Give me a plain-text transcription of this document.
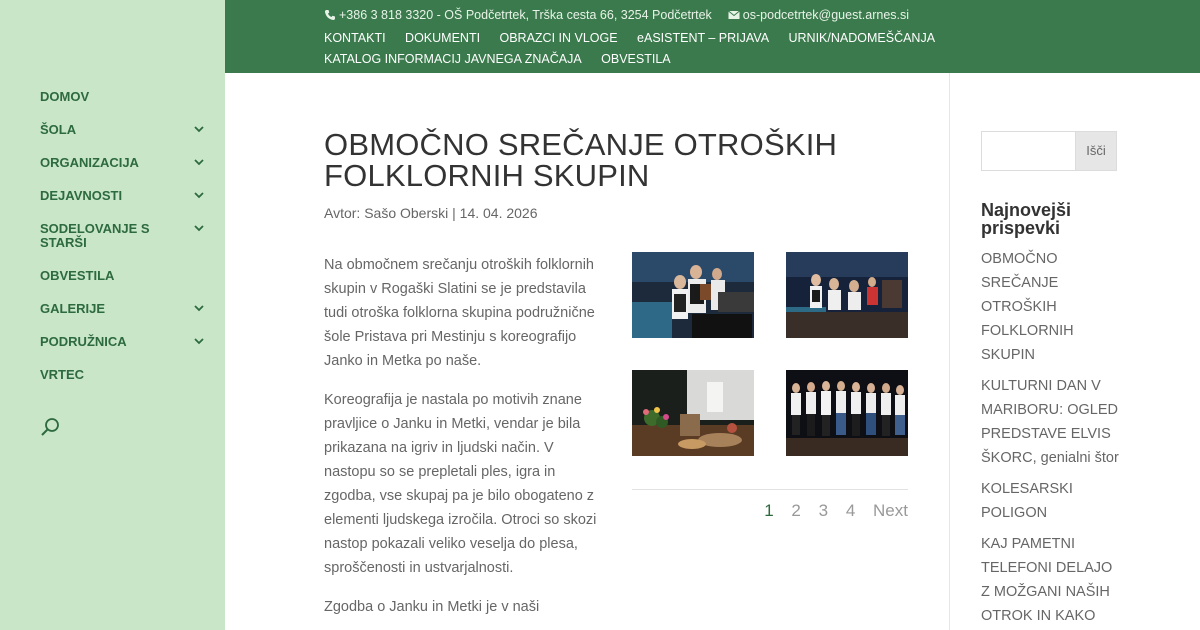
DOMOV
ŠOLA
ORGANIZACIJA
DEJAVNOSTI
SODELOVANJE S STARŠI
OBVESTILA
GALERIJE
PODRUŽNICA
VRTEC
+386 3 818 3320 - OŠ Podčetrtek, Trška cesta 66, 3254 Podčetrtek os-podcetrtek@guest.arnes.si
KONTAKTI DOKUMENTI OBRAZCI IN VLOGE eASISTENT – PRIJAVA URNIK/NADOMEŠČANJA KATALOG INFORMACIJ JAVNEGA ZNAČAJA OBVESTILA
OBMOČNO SREČANJE OTROŠKIH FOLKLORNIH SKUPIN
Avtor: Sašo Oberski | 14. 04. 2026

Na območnem srečanju otroških folklornih skupin v Rogaški Slatini se je predstavila tudi otroška folklorna skupina podružnične šole Pristava pri Mestinju s koreografijo Janko in Metka po naše.

Koreografija je nastala po motivih znane pravljice o Janku in Metki, vendar je bila prikazana na igriv in ljudski način. V nastopu so se prepletali ples, igra in zgodba, vse skupaj pa je bilo obogateno z elementi ljudskega izročila. Otroci so skozi nastop pokazali veliko veselja do plesa, sproščenosti in ustvarjalnosti.

Zgodba o Janku in Metki je v naši

1 2 3 4 Next
Išči
Najnovejši prispevki
OBMOČNO SREČANJE OTROŠKIH FOLKLORNIH SKUPIN
KULTURNI DAN V MARIBORU: OGLED PREDSTAVE ELVIS ŠKORC, genialni štor
KOLESARSKI POLIGON
KAJ PAMETNI TELEFONI DELAJO Z MOŽGANI NAŠIH OTROK IN KAKO
